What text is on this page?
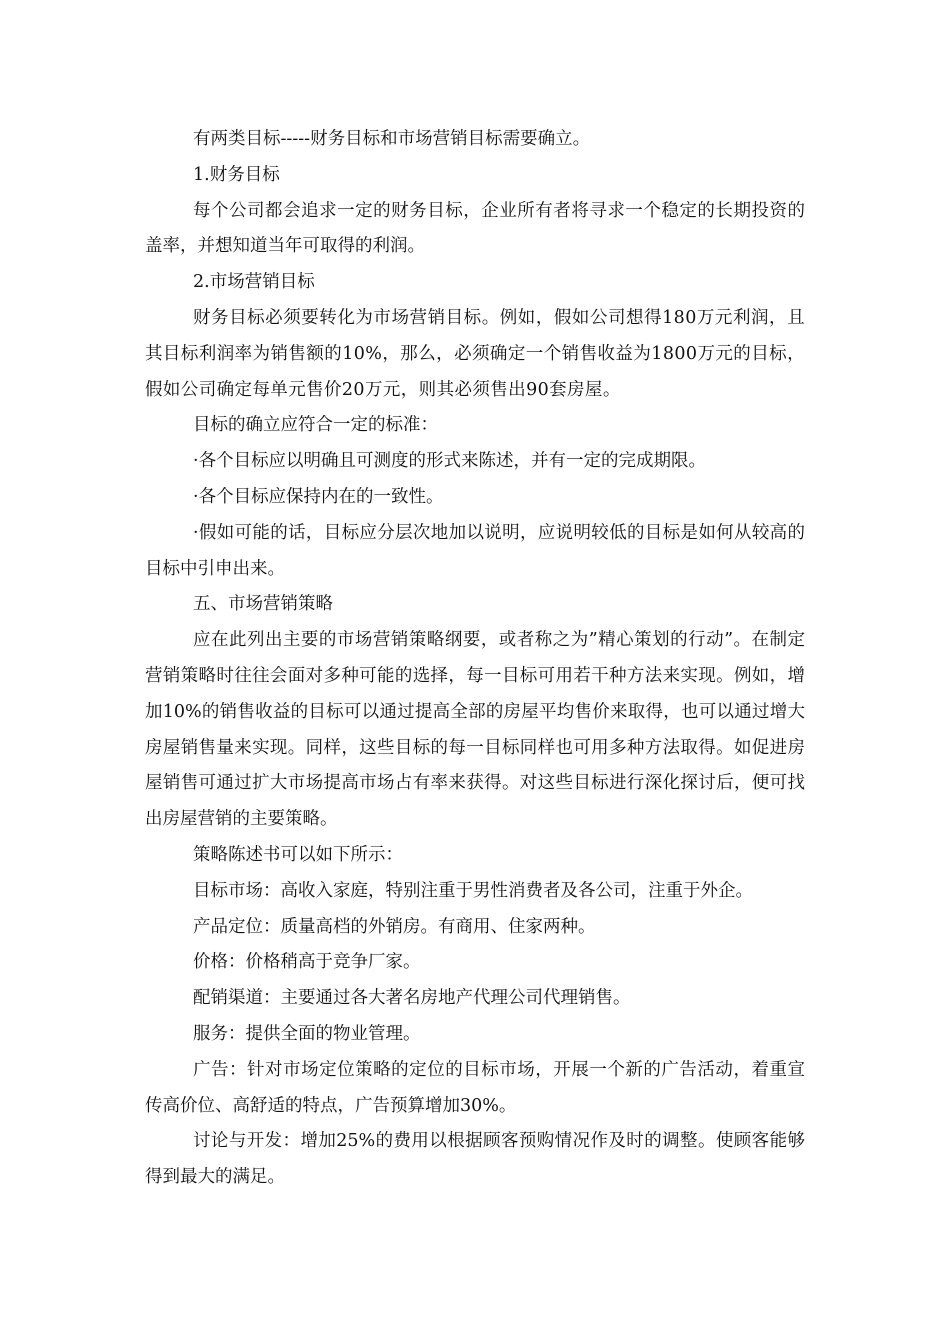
有两类目标-----财务目标和市场营销目标需要确立。

1.财务目标

每个公司都会追求一定的财务目标，企业所有者将寻求一个稳定的长期投资的盖率，并想知道当年可取得的利润。

2.市场营销目标

财务目标必须要转化为市场营销目标。例如，假如公司想得180万元利润，且其目标利润率为销售额的10%，那么，必须确定一个销售收益为1800万元的目标，假如公司确定每单元售价20万元，则其必须售出90套房屋。

目标的确立应符合一定的标准：

·各个目标应以明确且可测度的形式来陈述，并有一定的完成期限。

·各个目标应保持内在的一致性。

·假如可能的话，目标应分层次地加以说明，应说明较低的目标是如何从较高的目标中引申出来。

五、市场营销策略

应在此列出主要的市场营销策略纲要，或者称之为”精心策划的行动”。在制定营销策略时往往会面对多种可能的选择，每一目标可用若干种方法来实现。例如，增加10%的销售收益的目标可以通过提高全部的房屋平均售价来取得，也可以通过增大房屋销售量来实现。同样，这些目标的每一目标同样也可用多种方法取得。如促进房屋销售可通过扩大市场提高市场占有率来获得。对这些目标进行深化探讨后，便可找出房屋营销的主要策略。

策略陈述书可以如下所示：

目标市场：高收入家庭，特别注重于男性消费者及各公司，注重于外企。

产品定位：质量高档的外销房。有商用、住家两种。

价格：价格稍高于竞争厂家。

配销渠道：主要通过各大著名房地产代理公司代理销售。

服务：提供全面的物业管理。

广告：针对市场定位策略的定位的目标市场，开展一个新的广告活动，着重宣传高价位、高舒适的特点，广告预算增加30%。

讨论与开发：增加25%的费用以根据顾客预购情况作及时的调整。使顾客能够得到最大的满足。
